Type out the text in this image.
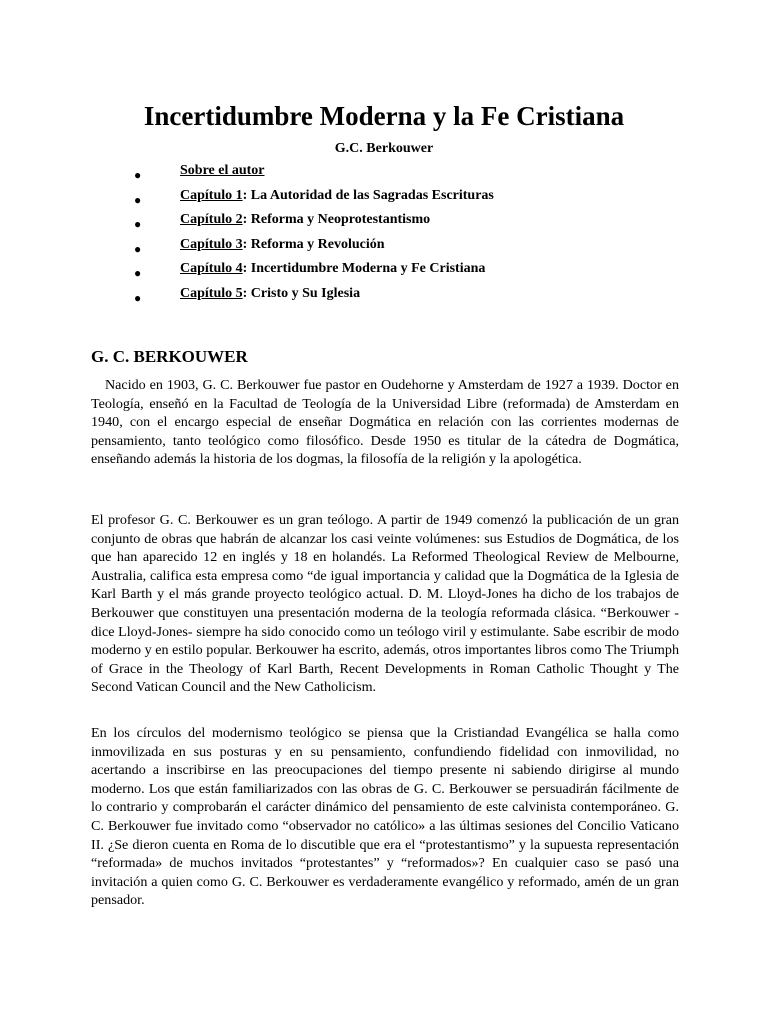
Incertidumbre Moderna y la Fe Cristiana
G.C. Berkouwer
●	Sobre el autor
●	Capítulo 1: La Autoridad de las Sagradas Escrituras
●	Capítulo 2: Reforma y Neoprotestantismo
●	Capítulo 3: Reforma y Revolución
●	Capítulo 4: Incertidumbre Moderna y Fe Cristiana
●	Capítulo 5: Cristo y Su Iglesia
G. C. BERKOUWER

Nacido en 1903, G. C. Berkouwer fue pastor en Oudehorne y Amsterdam de 1927 a 1939. Doctor en Teología, enseñó en la Facultad de Teología de la Universidad Libre (reformada) de Amsterdam en 1940, con el encargo especial de enseñar Dogmática en relación con las corrientes modernas de pensamiento, tanto teológico como filosófico. Desde 1950 es titular de la cátedra de Dogmática, enseñando además la historia de los dogmas, la filosofía de la religión y la apologética.

El profesor G. C. Berkouwer es un gran teólogo. A partir de 1949 comenzó la publicación de un gran conjunto de obras que habrán de alcanzar los casi veinte volúmenes: sus Estudios de Dogmática, de los que han aparecido 12 en inglés y 18 en holandés. La Reformed Theological Review de Melbourne, Australia, califica esta empresa como “de igual importancia y calidad que la Dogmática de la Iglesia de Karl Barth y el más grande proyecto teológico actual. D. M. Lloyd-Jones ha dicho de los trabajos de Berkouwer que constituyen una presentación moderna de la teología reformada clásica. “Berkouwer -dice Lloyd-Jones- siempre ha sido conocido como un teólogo viril y estimulante. Sabe escribir de modo moderno y en estilo popular. Berkouwer ha escrito, además, otros importantes libros como The Triumph of Grace in the Theology of Karl Barth, Recent Developments in Roman Catholic Thought y The Second Vatican Council and the New Catholicism.

En los círculos del modernismo teológico se piensa que la Cristiandad Evangélica se halla como inmovilizada en sus posturas y en su pensamiento, confundiendo fidelidad con inmovilidad, no acertando a inscribirse en las preocupaciones del tiempo presente ni sabiendo dirigirse al mundo moderno. Los que están familiarizados con las obras de G. C. Berkouwer se persuadirán fácilmente de lo contrario y comprobarán el carácter dinámico del pensamiento de este calvinista contemporáneo. G. C. Berkouwer fue invitado como “observador no católico» a las últimas sesiones del Concilio Vaticano II. ¿Se dieron cuenta en Roma de lo discutible que era el “protestantismo” y la supuesta representación “reformada» de muchos invitados “protestantes” y “reformados»? En cualquier caso se pasó una invitación a quien como G. C. Berkouwer es verdaderamente evangélico y reformado, amén de un gran pensador.
